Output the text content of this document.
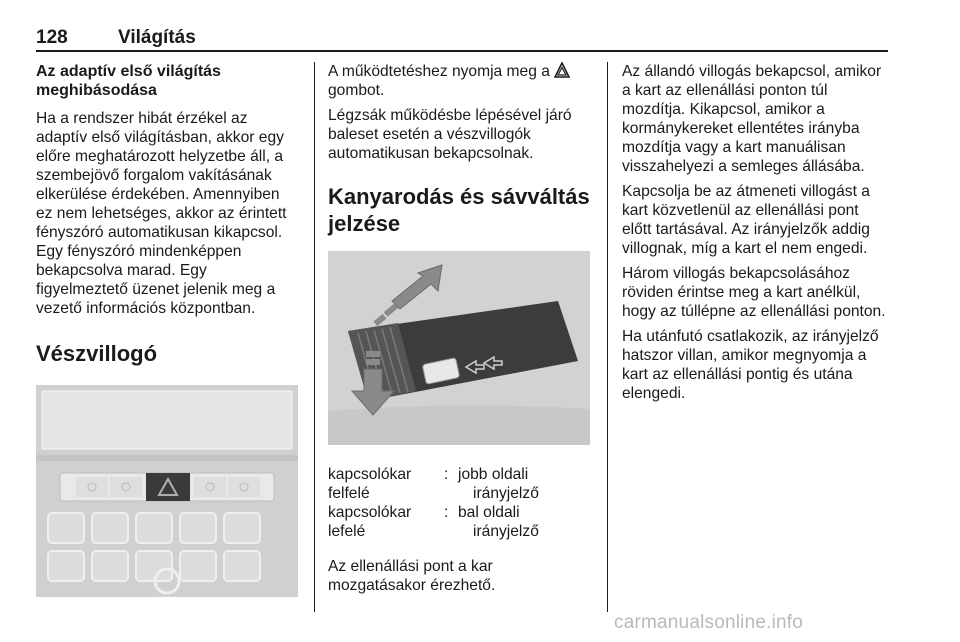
128	Világítás
Az adaptív első világítás meghibásodása

Ha a rendszer hibát érzékel az adaptív első világításban, akkor egy előre meghatározott helyzetbe áll, a szembejövő forgalom vakításának elkerülése érdekében. Amennyiben ez nem lehetséges, akkor az érintett fényszóró automatikusan kikapcsol. Egy fényszóró mindenképpen bekapcsolva marad. Egy figyelmeztető üzenet jelenik meg a vezető információs központban.

Vészvillogó

A működtetéshez nyomja meg a
gombot.

Légzsák működésbe lépésével járó baleset esetén a vészvillogók automatikusan bekapcsolnak.

Kanyarodás és sávváltás jelzése
kapcsolókar felfelé
: jobb oldali
irányjelző
kapcsolókar lefelé
: bal oldali
irányjelző

Az ellenállási pont a kar mozgatásakor érezhető.

Az állandó villogás bekapcsol, amikor a kart az ellenállási ponton túl mozdítja. Kikapcsol, amikor a kormánykereket ellentétes irányba mozdítja vagy a kart manuálisan visszahelyezi a semleges állásába.

Kapcsolja be az átmeneti villogást a kart közvetlenül az ellenállási pont előtt tartásával. Az irányjelzők addig villognak, míg a kart el nem engedi.

Három villogás bekapcsolásához röviden érintse meg a kart anélkül, hogy az túllépne az ellenállási ponton.

Ha utánfutó csatlakozik, az irányjelző hatszor villan, amikor megnyomja a kart az ellenállási pontig és utána elengedi.

carmanualsonline.info
